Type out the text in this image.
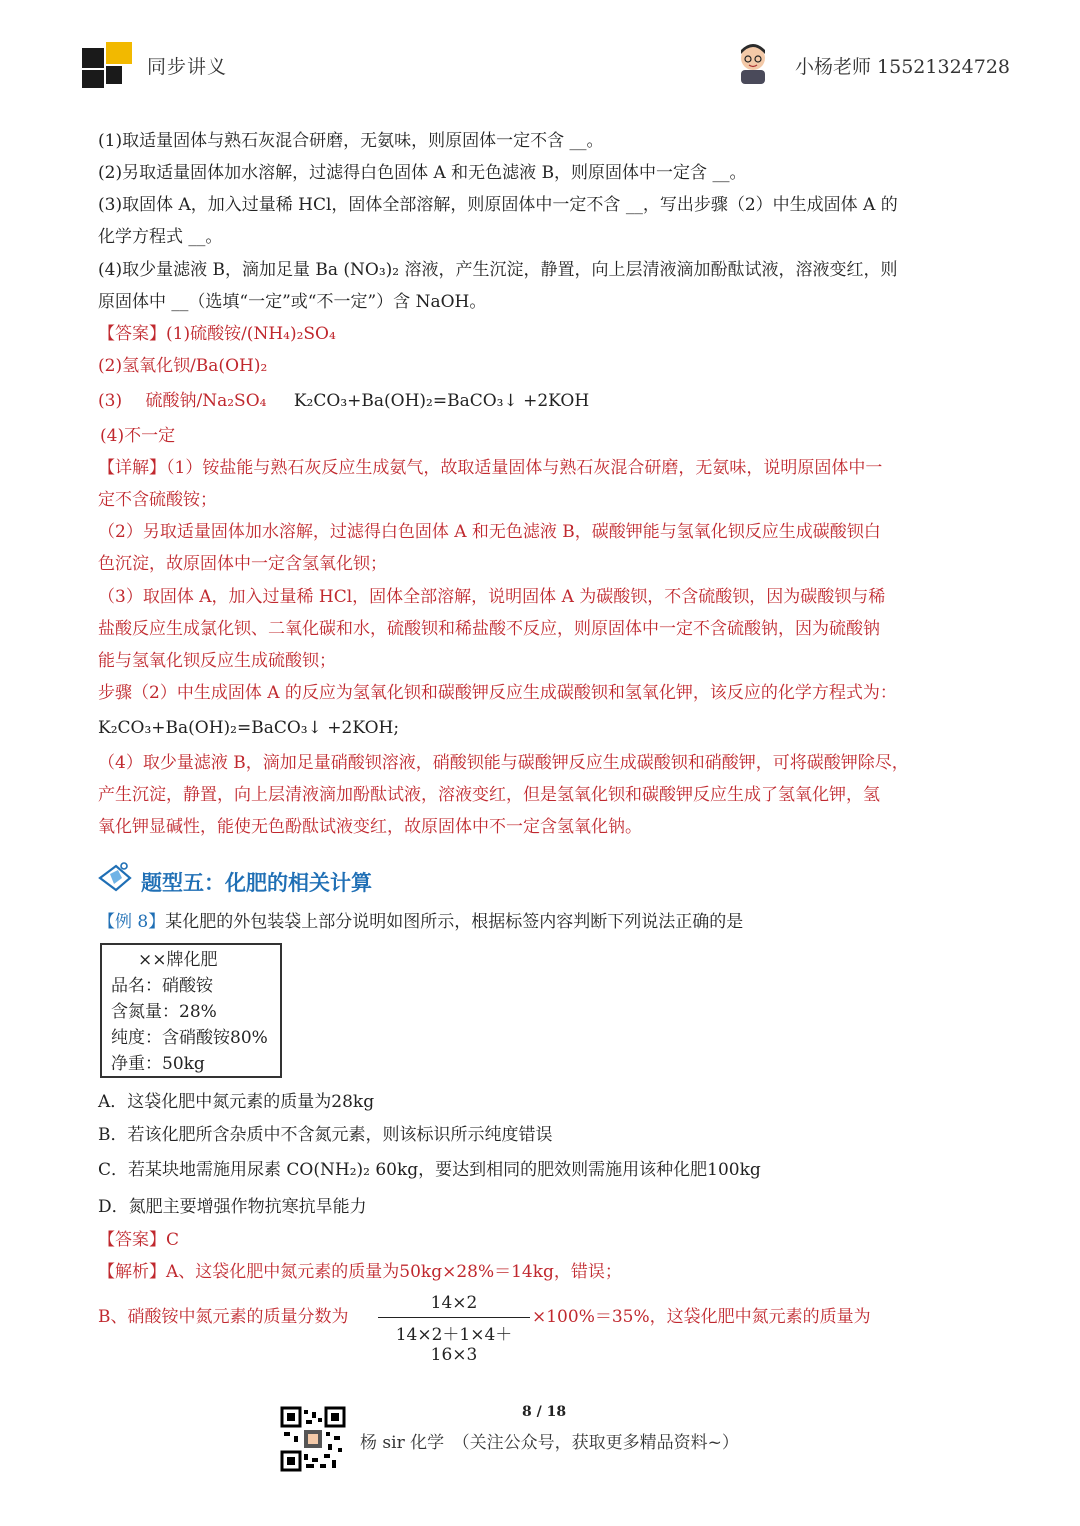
同步讲义	小杨老师 15521324728
(1)取适量固体与熟石灰混合研磨，无氨味，则原固体一定不含 __。
(2)另取适量固体加水溶解，过滤得白色固体 A 和无色滤液 B，则原固体中一定含 __。
(3)取固体 A，加入过量稀 HCl，固体全部溶解，则原固体中一定不含 __，写出步骤（2）中生成固体 A 的
化学方程式 __。
(4)取少量滤液 B，滴加足量 Ba (NO₃)₂ 溶液，产生沉淀，静置，向上层清液滴加酚酞试液，溶液变红，则
原固体中 __（选填“一定”或“不一定”）含 NaOH。
【答案】(1)硫酸铵/(NH₄)₂SO₄
(2)氢氧化钡/Ba(OH)₂
(3) 硫酸钠/Na₂SO₄ K₂CO₃+Ba(OH)₂=BaCO₃↓ +2KOH
(4)不一定
【详解】（1）铵盐能与熟石灰反应生成氨气，故取适量固体与熟石灰混合研磨，无氨味，说明原固体中一
定不含硫酸铵；
（2）另取适量固体加水溶解，过滤得白色固体 A 和无色滤液 B，碳酸钾能与氢氧化钡反应生成碳酸钡白
色沉淀，故原固体中一定含氢氧化钡；
（3）取固体 A，加入过量稀 HCl，固体全部溶解，说明固体 A 为碳酸钡，不含硫酸钡，因为碳酸钡与稀
盐酸反应生成氯化钡、二氧化碳和水，硫酸钡和稀盐酸不反应，则原固体中一定不含硫酸钠，因为硫酸钠
能与氢氧化钡反应生成硫酸钡；
步骤（2）中生成固体 A 的反应为氢氧化钡和碳酸钾反应生成碳酸钡和氢氧化钾，该反应的化学方程式为：
K₂CO₃+Ba(OH)₂=BaCO₃↓ +2KOH;
（4）取少量滤液 B，滴加足量硝酸钡溶液，硝酸钡能与碳酸钾反应生成碳酸钡和硝酸钾，可将碳酸钾除尽，
产生沉淀，静置，向上层清液滴加酚酞试液，溶液变红，但是氢氧化钡和碳酸钾反应生成了氢氧化钾，氢
氧化钾显碱性，能使无色酚酞试液变红，故原固体中不一定含氢氧化钠。
题型五：化肥的相关计算
【例 8】某化肥的外包装袋上部分说明如图所示，根据标签内容判断下列说法正确的是
××牌化肥
品名：硝酸铵
含氮量：28%
纯度：含硝酸铵80%
净重：50kg
A．这袋化肥中氮元素的质量为28kg
B．若该化肥所含杂质中不含氮元素，则该标识所示纯度错误
C．若某块地需施用尿素 CO(NH₂)₂ 60kg，要达到相同的肥效则需施用该种化肥100kg
D．氮肥主要增强作物抗寒抗旱能力
【答案】C
【解析】A、这袋化肥中氮元素的质量为50kg×28%＝14kg，错误；
B、硝酸铵中氮元素的质量分数为
14×2
14×2＋1×4＋16×3
×100%＝35%，这袋化肥中氮元素的质量为
8 / 18
杨 sir 化学　（关注公众号，获取更多精品资料~）
